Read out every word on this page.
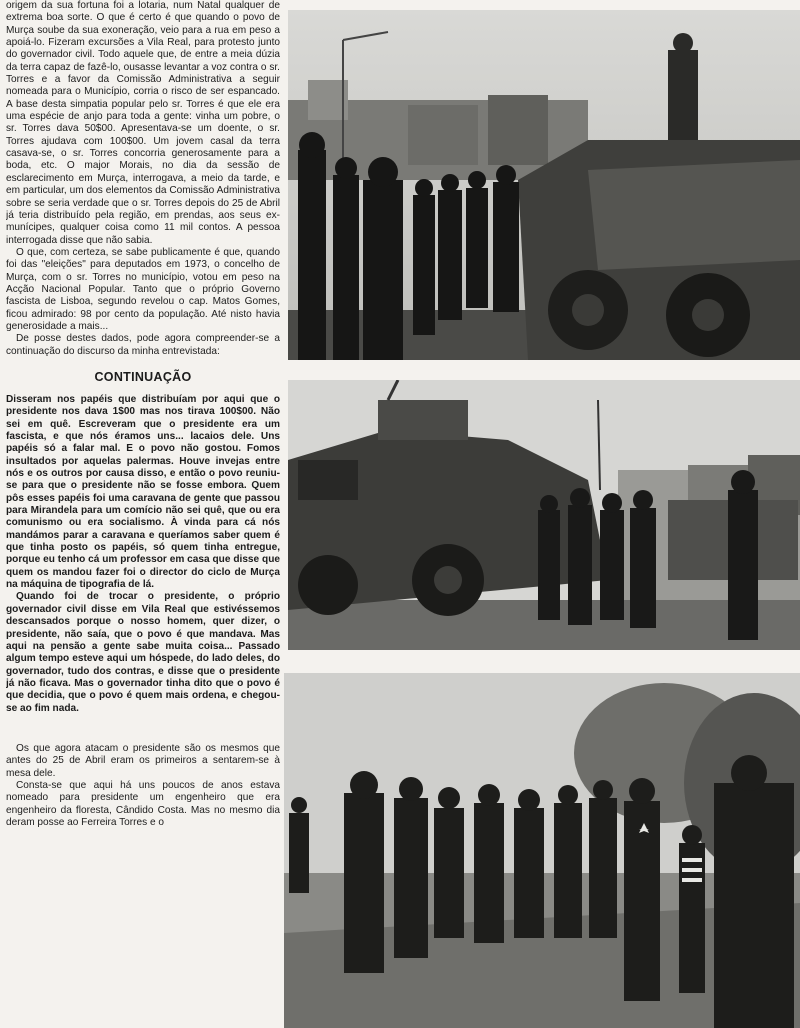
origem da sua fortuna foi a lotaria, num Natal qualquer de extrema boa sorte. O que é certo é que quando o povo de Murça soube da sua exoneração, veio para a rua em peso a apoiá-lo. Fizeram excursões a Vila Real, para protesto junto do governador civil. Todo aquele que, de entre a meia dúzia da terra capaz de fazê-lo, ousasse levantar a voz contra o sr. Torres e a favor da Comissão Administrativa a seguir nomeada para o Município, corria o risco de ser espancado. A base desta simpatia popular pelo sr. Torres é que ele era uma espécie de anjo para toda a gente: vinha um pobre, o sr. Torres dava 50$00. Apresentava-se um doente, o sr. Torres ajudava com 100$00. Um jovem casal da terra casava-se, o sr. Torres concorria generosamente para a boda, etc. O major Morais, no dia da sessão de esclarecimento em Murça, interrogava, a meio da tarde, e em particular, um dos elementos da Comissão Administrativa sobre se seria verdade que o sr. Torres depois do 25 de Abril já teria distribuído pela região, em prendas, aos seus ex-munícipes, qualquer coisa como 11 mil contos. A pessoa interrogada disse que não sabia.

O que, com certeza, se sabe publicamente é que, quando foi das "eleições" para deputados em 1973, o concelho de Murça, com o sr. Torres no município, votou em peso na Acção Nacional Popular. Tanto que o próprio Governo fascista de Lisboa, segundo revelou o cap. Matos Gomes, ficou admirado: 98 por cento da população. Até nisto havia generosidade a mais...

De posse destes dados, pode agora compreender-se a continuação do discurso da minha entrevistada:

CONTINUAÇÃO

Disseram nos papéis que distribuíam por aqui que o presidente nos dava 1$00 mas nos tirava 100$00. Não sei em quê. Escreveram que o presidente era um fascista, e que nós éramos uns... lacaios dele. Uns papéis só a falar mal. E o povo não gostou. Fomos insultados por aquelas palermas. Houve invejas entre nós e os outros por causa disso, e então o povo reuniu-se para que o presidente não se fosse embora. Quem pôs esses papéis foi uma caravana de gente que passou para Mirandela para um comício não sei quê, que ou era comunismo ou era socialismo. À vinda para cá nós mandámos parar a caravana e queríamos saber quem é que tinha posto os papéis, só quem tinha entregue, porque eu tenho cá um professor em casa que disse que quem os mandou fazer foi o director do ciclo de Murça na máquina de tipografia de lá.

Quando foi de trocar o presidente, o próprio governador civil disse em Vila Real que estivéssemos descansados porque o nosso homem, quer dizer, o presidente, não saía, que o povo é que mandava. Mas aqui na pensão a gente sabe muita coisa... Passado algum tempo esteve aqui um hóspede, do lado deles, do governador, tudo dos contras, e disse que o presidente já não ficava. Mas o governador tinha dito que o povo é que decidia, que o povo é quem mais ordena, e chegou-se ao fim nada.

Os que agora atacam o presidente são os mesmos que antes do 25 de Abril eram os primeiros a sentarem-se à mesa dele.

Consta-se que aqui há uns poucos de anos estava nomeado para presidente um engenheiro que era engenheiro da floresta, Cândido Costa. Mas no mesmo dia deram posse ao Ferreira Torres e o
